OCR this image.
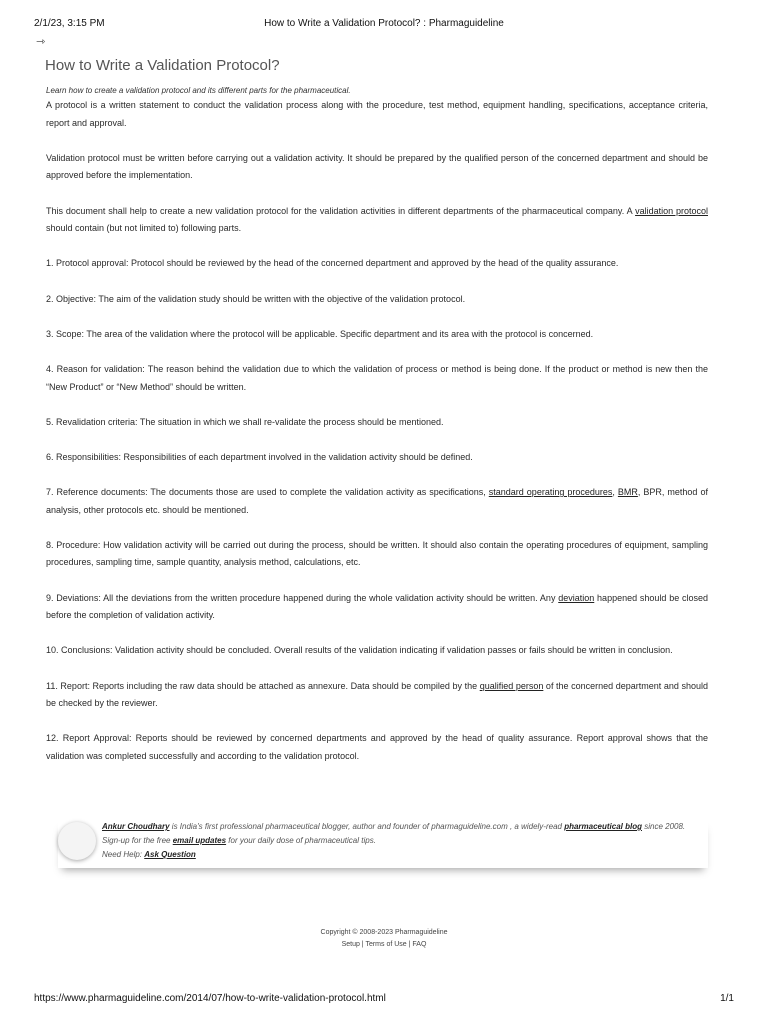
2/1/23, 3:15 PM	How to Write a Validation Protocol? : Pharmaguideline
⇾
How to Write a Validation Protocol?

Learn how to create a validation protocol and its different parts for the pharmaceutical.

A protocol is a written statement to conduct the validation process along with the procedure, test method, equipment handling, specifications, acceptance criteria, report and approval.

Validation protocol must be written before carrying out a validation activity. It should be prepared by the qualified person of the concerned department and should be approved before the implementation.

This document shall help to create a new validation protocol for the validation activities in different departments of the pharmaceutical company. A validation protocol should contain (but not limited to) following parts.

1. Protocol approval: Protocol should be reviewed by the head of the concerned department and approved by the head of the quality assurance.

2. Objective: The aim of the validation study should be written with the objective of the validation protocol.

3. Scope: The area of the validation where the protocol will be applicable. Specific department and its area with the protocol is concerned.

4. Reason for validation: The reason behind the validation due to which the validation of process or method is being done. If the product or method is new then the “New Product” or “New Method” should be written.

5. Revalidation criteria: The situation in which we shall re-validate the process should be mentioned.

6. Responsibilities: Responsibilities of each department involved in the validation activity should be defined.

7. Reference documents: The documents those are used to complete the validation activity as specifications, standard operating procedures, BMR, BPR, method of analysis, other protocols etc. should be mentioned.

8. Procedure: How validation activity will be carried out during the process, should be written. It should also contain the operating procedures of equipment, sampling procedures, sampling time, sample quantity, analysis method, calculations, etc.

9. Deviations: All the deviations from the written procedure happened during the whole validation activity should be written. Any deviation happened should be closed before the completion of validation activity.

10. Conclusions: Validation activity should be concluded. Overall results of the validation indicating if validation passes or fails should be written in conclusion.

11. Report: Reports including the raw data should be attached as annexure. Data should be compiled by the qualified person of the concerned department and should be checked by the reviewer.

12. Report Approval: Reports should be reviewed by concerned departments and approved by the head of quality assurance. Report approval shows that the validation was completed successfully and according to the validation protocol.

Ankur Choudhary is India's first professional pharmaceutical blogger, author and founder of pharmaguideline.com , a widely-read pharmaceutical blog since 2008. Sign-up for the free email updates for your daily dose of pharmaceutical tips.
Need Help: Ask Question
Copyright © 2008-2023 Pharmaguideline
Setup | Terms of Use | FAQ
https://www.pharmaguideline.com/2014/07/how-to-write-validation-protocol.html	1/1
